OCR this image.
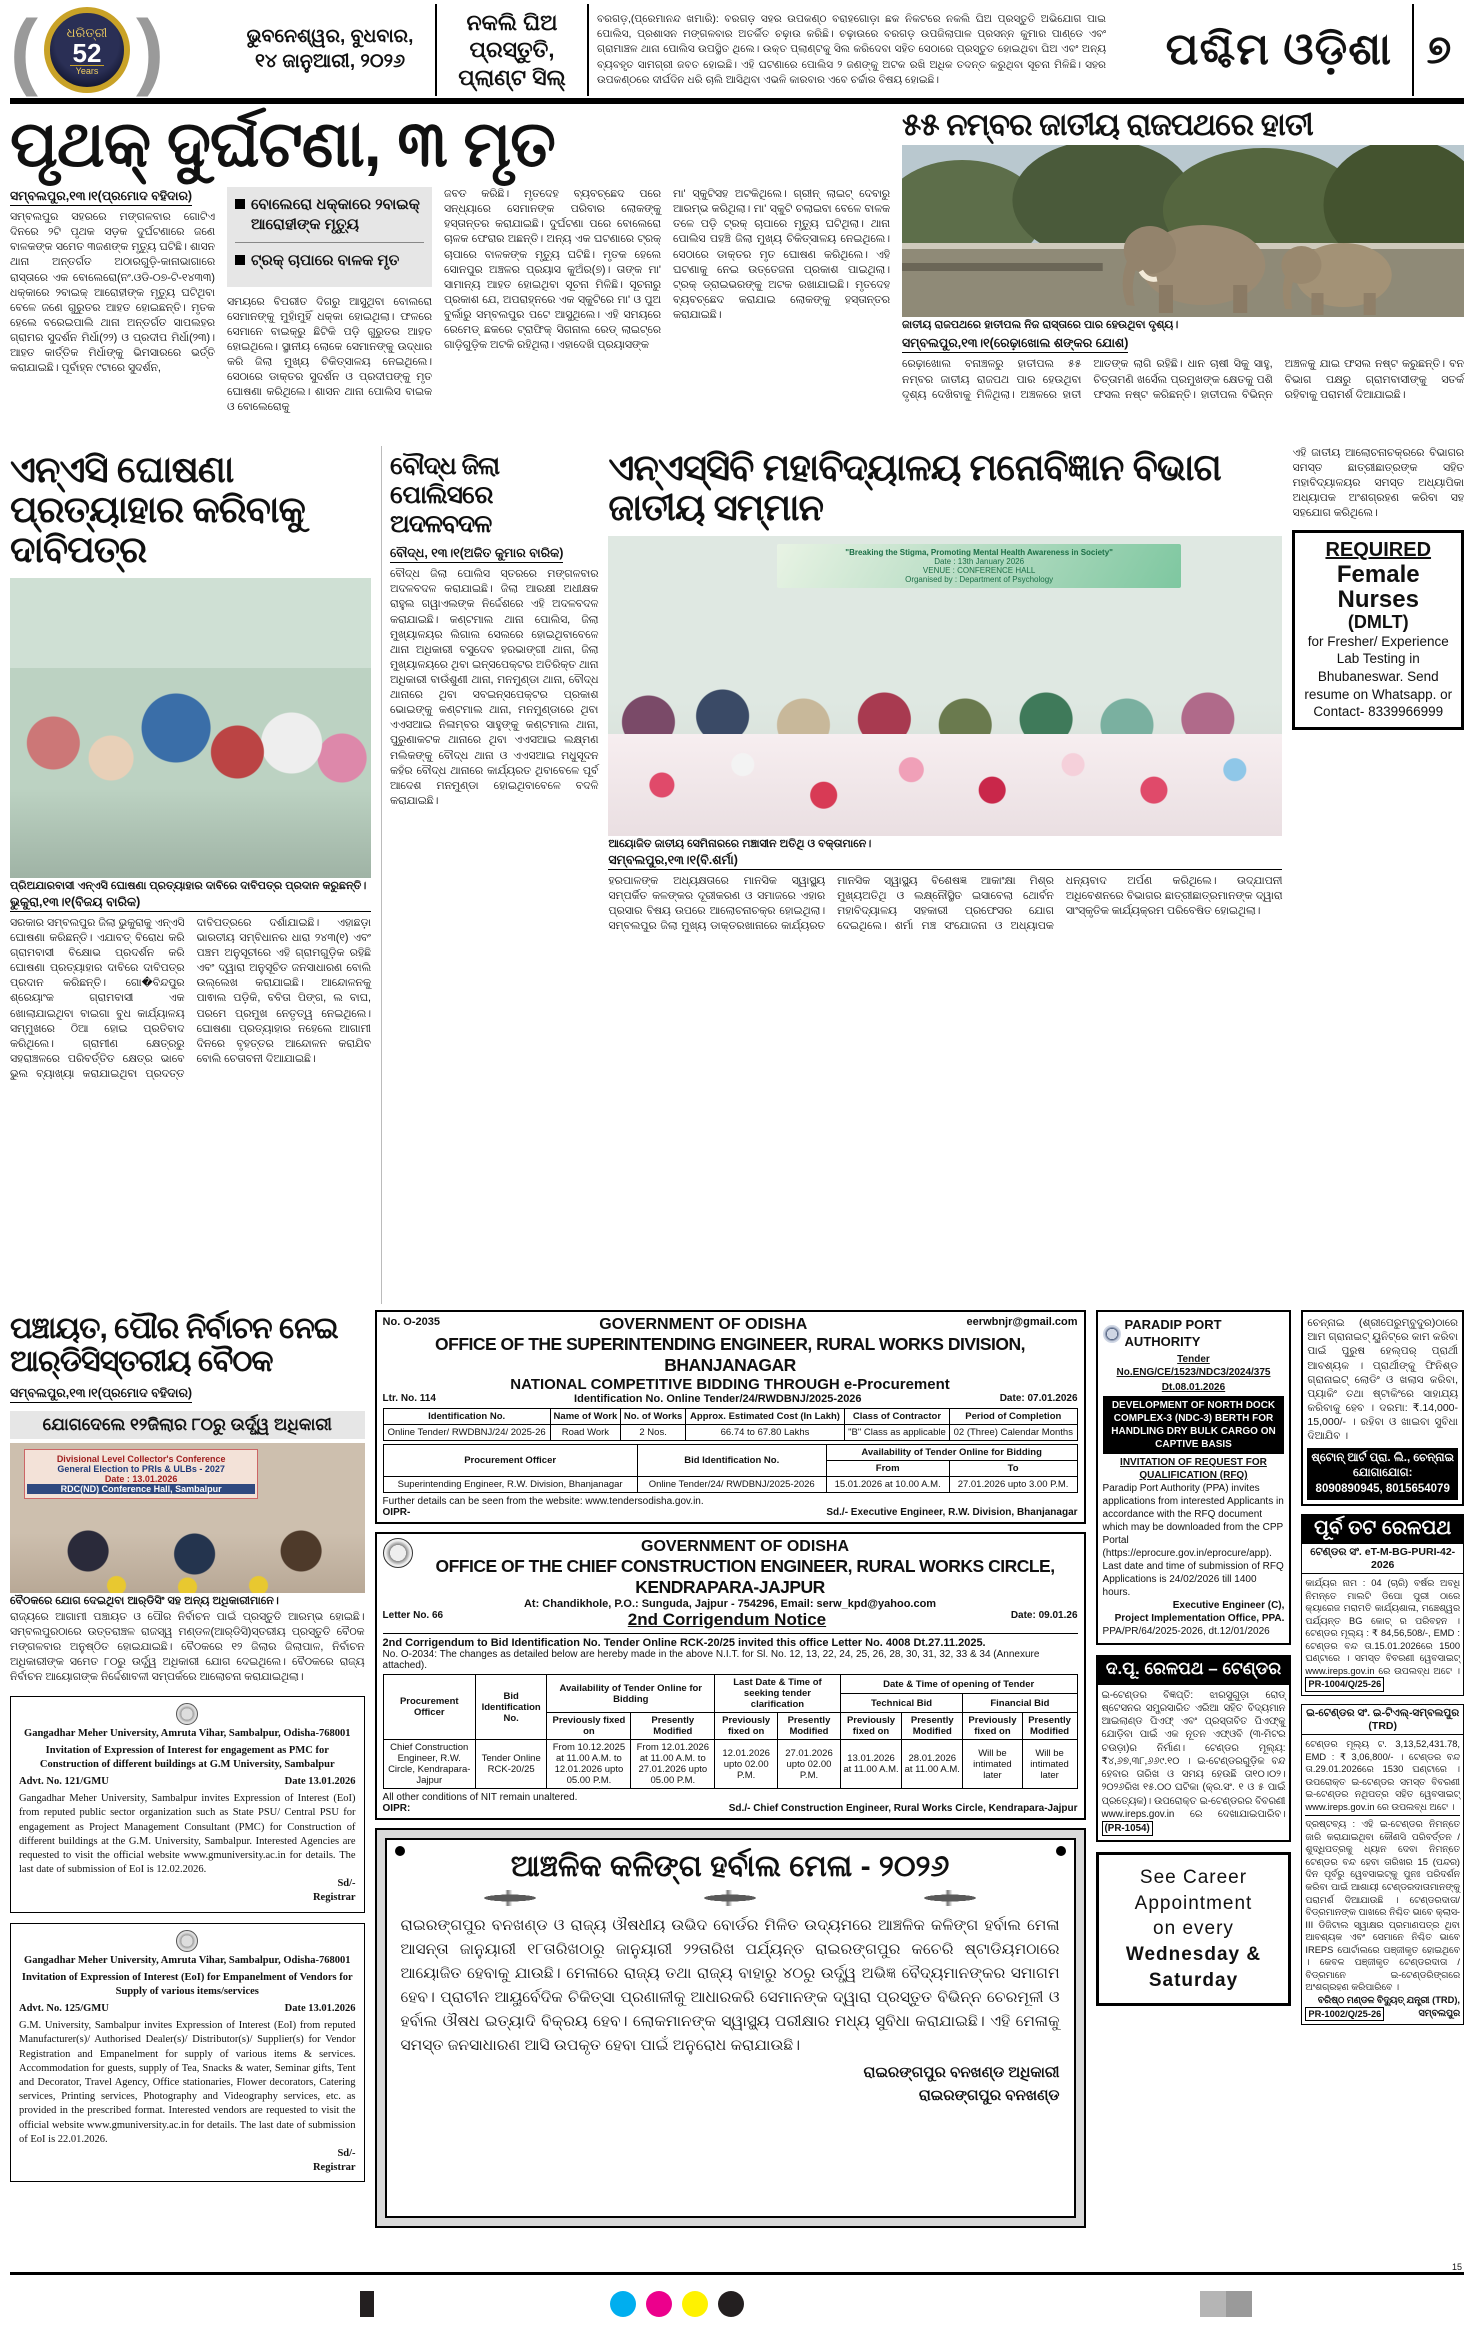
( ଧରିତ୍ରୀ
52
Years )	ଭୁବନେଶ୍ୱର, ବୁଧବାର, ୧୪ ଜାନୁଆରୀ, ୨୦୨୬
ନକଲି ଘିଅ ପ୍ରସ୍ତୁତି, ପ୍ଲାଣ୍ଟ ସିଲ୍
ବରଗଡ଼,(ପ୍ରେମାନନ୍ଦ ଖମାରି): ବରଗଡ଼ ସହର ଉପକଣ୍ଠ ବରାହଗୋଡ଼ା ଛକ ନିକଟରେ ନକଲି ଘିଅ ପ୍ରସ୍ତୁତି ଅଭିଯୋଗ ପାଇ ପୋଲିସ, ପ୍ରଶାସନ ମଙ୍ଗଳବାର ଅତର୍କିତ ଚଢ଼ାଉ କରିଛି। ଚଢ଼ାଉରେ ବରଗଡ଼ ଉପଜିଲାପାଳ ପ୍ରସନ୍ନ କୁମାର ପାଣ୍ଡେ ଏବଂ ଗ୍ରାମାଞ୍ଚଳ ଥାନା ପୋଲିସ ଉପସ୍ଥିତ ଥିଲେ। ଉକ୍ତ ପ୍ଲାଣ୍ଟକୁ ସିଲ କରିଦେବା ସହିତ ସେଠାରେ ପ୍ରସ୍ତୁତ ହୋଇଥିବା ଘିଅ ଏବଂ ଅନ୍ୟ ବ୍ୟବହୃତ ସାମଗ୍ରୀ ଜବତ ହୋଇଛି। ଏହି ଘଟଣାରେ ପୋଲିସ ୨ ଜଣଙ୍କୁ ଅଟକ ରଖି ଅଧିକ ତଦନ୍ତ କରୁଥିବା ସୂଚନା ମିଳିଛି। ସହର ଉପକଣ୍ଠରେ ଦୀର୍ଘଦିନ ଧରି ଚାଲି ଆସିଥିବା ଏଭଳି କାରବାର ଏବେ ଚର୍ଚ୍ଚାର ବିଷୟ ହୋଇଛି।
ପଶ୍ଚିମ ଓଡ଼ିଶା ୭
ପୃଥକ୍ ଦୁର୍ଘଟଣା, ୩ ମୃତ
ସମ୍ବଲପୁର,୧୩।୧(ପ୍ରମୋଦ ବହିଦାର)
ସମ୍ବଲପୁର ସହରରେ ମଙ୍ଗଳବାର ଗୋଟିଏ ଦିନରେ ୨ଟି ପୃଥକ ସଡ଼କ ଦୁର୍ଘଟଣାରେ ଜଣେ ବାଳକଙ୍କ ସମେତ ୩ଜଣଙ୍କ ମୃତ୍ୟୁ ଘଟିଛି। ଶାସନ ଥାନା ଅନ୍ତର୍ଗତ ଅଠାରଗୁଡ଼ି-କାନାଭାଗାରେ ରାସ୍ତାରେ ଏକ ବୋଲେରୋ(ନଂ.ଓଡି-୦୭-ଟି-୧୪୩୩) ଧକ୍କାରେ ୨ବାଇକ୍ ଆରୋହୀଙ୍କ ମୃତ୍ୟୁ ଘଟିଥିବା ବେଳେ ଜଣେ ଗୁରୁତର ଆହତ ହୋଇଛନ୍ତି। ମୃତକ ହେଲେ ବରେଇପାଲି ଥାନା ଅନ୍ତର୍ଗତ ସାପଲହର ଗ୍ରାମର ସୁଦର୍ଶନ ମିର୍ଧା(୨୨) ଓ ପ୍ରଦୀପ ମିର୍ଧା(୨୩)। ଆହତ କାର୍ତ୍ତିକ ମିର୍ଧାଙ୍କୁ ଭିମସାରରେ ଭର୍ତ୍ତି କରାଯାଇଛି। ପୂର୍ବାହ୍ନ ୯ଟାରେ ସୁଦର୍ଶନ,
ବୋଲେରୋ ଧକ୍କାରେ ୨ବାଇକ୍ ଆରୋହୀଙ୍କ ମୃତ୍ୟୁ
ଟ୍ରକ୍ ଚାପାରେ ବାଳକ ମୃତ
ସମୟରେ ବିପରୀତ ଦିଗରୁ ଆସୁଥିବା ବୋଲରୋ ସେମାନଙ୍କୁ ମୁହାଁମୁହିଁ ଧକ୍କା ହୋଇଥିଲା। ଫଳରେ ସେମାନେ ବାଇକ୍‌ରୁ ଛିଟିକି ପଡ଼ି ଗୁରୁତର ଆହତ ହୋଇଥିଲେ। ସ୍ଥାନୀୟ ଲୋକେ ସେମାନଙ୍କୁ ଉଦ୍ଧାର କରି ଜିଲା ମୁଖ୍ୟ ଚିକିତ୍ସାଳୟ ନେଇଥିଲେ। ସେଠାରେ ଡାକ୍ତର ସୁଦର୍ଶନ ଓ ପ୍ରଦୀପଙ୍କୁ ମୃତ ଘୋଷଣା କରିଥିଲେ। ଶାସନ ଥାନା ପୋଲିସ ବାଇକ ଓ ବୋଲେରୋକୁ
ଜବତ କରିଛି। ମୃତଦେହ ବ୍ୟବଚ୍ଛେଦ ପରେ ସନ୍ଧ୍ୟାରେ ସେମାନଙ୍କ ପରିବାର ଲୋକଙ୍କୁ ହସ୍ତାନ୍ତର କରାଯାଇଛି। ଦୁର୍ଘଟଣା ପରେ ବୋଲେରୋ ଚାଳକ ଫେରାର ଅଛନ୍ତି। ଅନ୍ୟ ଏକ ଘଟଣାରେ ଟ୍ରକ୍ ଚାପାରେ ବାଳକଙ୍କ ମୃତ୍ୟୁ ଘଟିଛି। ମୃତକ ହେଲେ ସୋନପୁର ଅଞ୍ଚଳର ପ୍ରୟାସ କୁଅଁର(୭)। ତାଙ୍କ ମା' ସାମାନ୍ୟ ଆହତ ହୋଇଥିବା ସୂଚନା ମିଳିଛି। ସୂଚନାରୁ ପ୍ରକାଶ ଯେ, ଅପରାହ୍ନରେ ଏକ ସ୍କୁଟିରେ ମା' ଓ ପୁଅ ବୁର୍ଲାରୁ ସମ୍ବଲପୁର ପଟେ ଆସୁଥିଲେ। ଏହି ସମୟରେ ରେମେଡ୍ ଛକରେ ଟ୍ରାଫିକ୍ ସିଗନାଲ ରେଡ୍ ଲାଇଟ୍‌ରେ ଗାଡ଼ିଗୁଡ଼ିକ ଅଟକି ରହିଥିଲା। ଏହାଦେଖି ପ୍ରୟାସଙ୍କ
ମା' ସ୍କୁଟିସହ ଅଟକିଥିଲେ। ଗ୍ରୀନ୍ ଲାଇଟ୍ ଦେବାରୁ ଆରମ୍ଭ କରିଥିଲା। ମା' ସ୍କୁଟି ଚଲାଇବା ବେଳେ ବାଳକ ତଳେ ପଡ଼ି ଟ୍ରକ୍ ଚାପାରେ ମୃତ୍ୟୁ ଘଟିଥିଲା। ଥାନା ପୋଲିସ ପହଞ୍ଚି ଜିଲା ମୁଖ୍ୟ ଚିକିତ୍ସାଳୟ ନେଇଥିଲେ। ସେଠାରେ ଡାକ୍ତର ମୃତ ଘୋଷଣ କରିଥିଲେ। ଏହି ଘଟଣାକୁ ନେଇ ଉତ୍ତେଜନା ପ୍ରକାଶ ପାଇଥିଲା। ଟ୍ରକ୍ ଡ୍ରାଇଭରଙ୍କୁ ଅଟକ ରଖାଯାଇଛି। ମୃତଦେହ ବ୍ୟବଚ୍ଛେଦ କରାଯାଇ ଲୋକଙ୍କୁ ହସ୍ତାନ୍ତର କରାଯାଇଛି।
୫୫ ନମ୍ବର ଜାତୀୟ ରାଜପଥରେ ହାତୀ
ଜାତୀୟ ରାଜପଥରେ ହାତୀପଲ ନିଜ ରାସ୍ତାରେ ପାର ହେଉଥିବା ଦୃଶ୍ୟ।
ସମ୍ବଲପୁର,୧୩।୧(ରେଢ଼ାଖୋଲ ଶଙ୍କର ଯୋଶ)
ରେଢ଼ାଖୋଲ ବନାଞ୍ଚଳରୁ ହାତୀପଲ ୫୫ ନମ୍ବର ଜାତୀୟ ରାଜପଥ ପାର ହେଉଥିବା ଦୃଶ୍ୟ ଦେଖିବାକୁ ମିଳିଥିଲା। ଅଞ୍ଚଳରେ ହାତୀ ଆତଙ୍କ ଲାଗି ରହିଛି। ଧାନ ଚାଷୀ ସିକୁ ସାହୁ, ଚିତ୍ତାମଣି ଖର୍ସେଲ ପ୍ରମୁଖଙ୍କ କ୍ଷେତକୁ ପଶି ଫସଲ ନଷ୍ଟ କରିଛନ୍ତି। ହାତୀପଲ ବିଭିନ୍ନ ଅଞ୍ଚଳକୁ ଯାଇ ଫସଲ ନଷ୍ଟ କରୁଛନ୍ତି। ବନ ବିଭାଗ ପକ୍ଷରୁ ଗ୍ରାମବାସୀଙ୍କୁ ସତର୍କ ରହିବାକୁ ପରାମର୍ଶ ଦିଆଯାଇଛି।
ଏନ୍‌ଏସି ଘୋଷଣା ପ୍ରତ୍ୟାହାର କରିବାକୁ ଦାବିପତ୍ର
ପ୍ରିଅଯାରବାସୀ ଏନ୍‌ଏସି ଘୋଷଣା ପ୍ରତ୍ୟାହାର ଦାବିରେ ଦାବିପତ୍ର ପ୍ରଦାନ କରୁଛନ୍ତି।
ଭୁକୁରା,୧୩।୧(ବିଜୟ ବାରିକ)
ସରକାର ସମ୍ବଲପୁର ଜିଲା ଭୁକୁରାକୁ ଏନ୍‌ଏସି ଘୋଷଣା କରିଛନ୍ତି। ଏଯାବତ୍ ବିରୋଧ କରି ଗ୍ରାମବାସୀ ବିକ୍ଷୋଭ ପ୍ରଦର୍ଶନ କରି ଘୋଷଣା ପ୍ରତ୍ୟାହାର ଦାବିରେ ଦାବିପତ୍ର ପ୍ରଦାନ କରିଛନ୍ତି। ଗୋ�ବିନ୍ଦପୁର ଶ୍ରେୟାଂକ ଗ୍ରାମବାସୀ ଏକ ଖୋଲାଯାଇଥିବା ବାଇଗା ବୁଧ କାର୍ଯ୍ୟାଳୟ ସମ୍ମୁଖରେ ଠିଆ ହୋଇ ପ୍ରତିବାଦ କରିଥିଲେ। ଗ୍ରାମୀଣ କ୍ଷେତ୍ରରୁ ସହରାଞ୍ଚଳରେ ପରିବର୍ତ୍ତିତ କ୍ଷେତ୍ର ଭାବେ ଭୁଲ ବ୍ୟାଖ୍ୟା କରାଯାଇଥିବା ପ୍ରଦତ୍ତ ଦାବିପତ୍ରରେ ଦର୍ଶାଯାଇଛି। ଏହାଛଡ଼ା ଭାରତୀୟ ସମ୍ବିଧାନର ଧାରା ୨୪୩(୧) ଏବଂ ପଞ୍ଚମ ଅନୁସୂଚୀରେ ଏହି ଗ୍ରାମଗୁଡ଼ିକ ରହିଛି ଏବଂ ଦ୍ୱାରା ଅନୁସୂଚିତ ଜନସାଧାରଣ ବୋଲି ଉଲ୍ଲେଖ କରାଯାଇଛି। ଆନ୍ଦୋଳନକୁ ପାଵାଲ ପଡ଼ିକି, ବବିତା ପିଙ୍ଗ, ଲ ବାଘ, ପରମେ ପ୍ରମୁଖ ନେତୃତ୍ୱ ନେଇଥିଲେ। ଘୋଷଣା ପ୍ରତ୍ୟାହାର ନହେଲେ ଆଗାମୀ ଦିନରେ ବୃହତ୍ତର ଆନ୍ଦୋଳନ କରାଯିବ ବୋଲି ଚେତାବନୀ ଦିଆଯାଇଛି।
ବୌଦ୍ଧ ଜିଲା ପୋଲିସରେ ଅଦଳବଦଳ
ବୌଦ୍ଧ, ୧୩।୧(ଅଜିତ କୁମାର ବାରିକ)
ବୌଦ୍ଧ ଜିଲା ପୋଲିସ ସ୍ତରରେ ମଙ୍ଗଳବାର ଅଦଳବଦଳ କରାଯାଇଛି। ଜିଲା ଆରକ୍ଷୀ ଅଧୀକ୍ଷକ ରାହୁଲ ଗୱାଏଲଙ୍କ ନିର୍ଦ୍ଦେଶରେ ଏହି ଅଦଳବଦଳ କରାଯାଇଛି। କଣ୍ଟମାଲ ଥାନା ପୋଲିସ, ଜିଲା ମୁଖ୍ୟାଳୟର ଲିଗାଲ ସେଲରେ ହୋଇଥିବାବେଳେ ଥାନା ଅଧିକାରୀ ବସୁଦେବ ହରଭାଙ୍ଗୀ ଥାନା, ଜିଲା ମୁଖ୍ୟାଳୟରେ ଥିବା ଇନ୍ସପେକ୍ଟର ଅତିରିକ୍ତ ଥାନା ଅଧିକାରୀ ବାଉଁଶୁଣୀ ଥାନା, ମନମୁଣ୍ଡା ଥାନା, ବୌଦ୍ଧ ଥାନାରେ ଥିବା ସବଇନ୍ସପେକ୍ଟର ପ୍ରକାଶ ଭୋଇଙ୍କୁ କଣ୍ଟମାଲ ଥାନା, ମନମୁଣ୍ଡାରେ ଥିବା ଏଏସଆଇ ନିଳାମ୍ବର ସାହୁଙ୍କୁ କଣ୍ଟମାଲ ଥାନା, ପୁରୁଣାକଟକ ଥାନାରେ ଥିବା ଏଏସଆଇ ଲକ୍ଷ୍ମଣ ମଲିକଙ୍କୁ ବୌଦ୍ଧ ଥାନା ଓ ଏଏସଆଇ ମଧୁସୂଦନ କହଁର ବୌଦ୍ଧ ଥାନାରେ କାର୍ଯ୍ୟରତ ଥିବାବେଳେ ପୂର୍ବ ଆଦେଶ ମନମୁଣ୍ଡା ହୋଇଥିବାବେଳେ ବଦଳି କରାଯାଇଛି।
ଏନ୍‌ଏସ୍‌ସିବି ମହାବିଦ୍ୟାଳୟ ମନୋବିଜ୍ଞାନ ବିଭାଗ ଜାତୀୟ ସମ୍ମାନ
"Breaking the Stigma, Promoting Mental Health Awareness in Society"
Date : 13th January 2026
VENUE : CONFERENCE HALL
Organised by : Department of Psychology
ଆୟୋଜିତ ଜାତୀୟ ସେମିନାରରେ ମଞ୍ଚାସୀନ ଅତିଥି ଓ ବକ୍ତାମାନେ।
ସମ୍ବଲପୁର,୧୩।୧(ବି.ଶର୍ମା)
ହରପାଳଙ୍କ ଅଧ୍ୟକ୍ଷତାରେ ମାନସିକ ସ୍ୱାସ୍ଥ୍ୟ ସମ୍ପର୍କିତ କଳଙ୍କର ଦୂରୀକରଣ ଓ ସମାଜରେ ଏହାର ପ୍ରସାର ବିଷୟ ଉପରେ ଆଲୋଚନାଚକ୍ର ହୋଇଥିଲା। ସମ୍ବଲପୁର ଜିଲା ମୁଖ୍ୟ ଡାକ୍ତରଖାନାରେ କାର୍ଯ୍ୟରତ ମାନସିକ ସ୍ୱାସ୍ଥ୍ୟ ବିଶେଷଜ୍ଞ ଆକାଂକ୍ଷା ମିଶ୍ର ମୁଖ୍ୟଅତିଥି ଓ ଲକ୍ଷ୍ନୌସ୍ଥିତ ଇସାବେଲା ଥୋର୍ବନ ମହାବିଦ୍ୟାଳୟ ସହକାରୀ ପ୍ରଫେସର ଯୋଗ ଦେଇଥିଲେ। ଶର୍ମା ମଞ୍ଚ ସଂଯୋଜନା ଓ ଅଧ୍ୟାପକ ଧନ୍ୟବାଦ ଅର୍ପଣ କରିଥିଲେ। ଉଦ୍‌ଯାପନୀ ଅଧିବେଶନରେ ବିଭାଗର ଛାତ୍ରୀଛାତ୍ରମାନଙ୍କ ଦ୍ୱାରା ସାଂସ୍କୃତିକ କାର୍ଯ୍ୟକ୍ରମ ପରିବେଷିତ ହୋଇଥିଲା।
ଏହି ଜାତୀୟ ଆଲୋଚନାଚକ୍ରରେ ବିଭାଗର ସମସ୍ତ ଛାତ୍ରୀଛାତ୍ରଙ୍କ ସହିତ ମହାବିଦ୍ୟାଳୟର ସମସ୍ତ ଅଧ୍ୟାପିକା ଅଧ୍ୟାପକ ଅଂଶଗ୍ରହଣ କରିବା ସହ ସହଯୋଗ କରିଥିଲେ।
REQUIRED
Female Nurses
(DMLT)
for Fresher/ Experience Lab Testing in Bhubaneswar. Send resume on Whatsapp. or Contact- 8339966999
ପଞ୍ଚାୟତ, ପୌର ନିର୍ବାଚନ ନେଇ ଆର୍‌ଡିସିସ୍ତରୀୟ ବୈଠକ
ସମ୍ବଲପୁର,୧୩।୧(ପ୍ରମୋଦ ବହିଦାର)
ଯୋଗଦେଲେ ୧୨ଜିଲାର ୮୦ରୁ ଉର୍ଦ୍ଧ୍ୱ ଅଧିକାରୀ
Divisional Level Collector's Conference
General Election to PRIs & ULBs - 2027
Date : 13.01.2026
RDC(ND) Conference Hall, Sambalpur
ବୈଠକରେ ଯୋଗ ଦେଇଥିବା ଆର୍‌ଡିସିଂ ସହ ଅନ୍ୟ ଅଧିକାରୀମାନେ।
ରାଜ୍ୟରେ ଆଗାମୀ ପଞ୍ଚାୟତ ଓ ପୌର ନିର୍ବାଚନ ପାଇଁ ପ୍ରସ୍ତୁତି ଆରମ୍ଭ ହୋଇଛି। ସମ୍ବଲପୁରଠାରେ ଉତ୍ତରାଞ୍ଚଳ ରାଜସ୍ୱ ମଣ୍ଡଳ(ଆର୍‌ଡିସି)ସ୍ତରୀୟ ପ୍ରସ୍ତୁତି ବୈଠକ ମଙ୍ଗଳବାର ଅନୁଷ୍ଠିତ ହୋଇଯାଇଛି। ବୈଠକରେ ୧୨ ଜିଲାର ଜିଲାପାଳ, ନିର୍ବାଚନ ଅଧିକାରୀଙ୍କ ସମେତ ୮୦ରୁ ଉର୍ଦ୍ଧ୍ୱ ଅଧିକାରୀ ଯୋଗ ଦେଇଥିଲେ। ବୈଠକରେ ରାଜ୍ୟ ନିର୍ବାଚନ ଆୟୋଗଙ୍କ ନିର୍ଦ୍ଦେଶାବଳୀ ସମ୍ପର୍କରେ ଆଲୋଚନା କରାଯାଇଥିଲା।
Gangadhar Meher University, Amruta Vihar, Sambalpur, Odisha-768001
Invitation of Expression of Interest for engagement as PMC for Construction of different buildings at G.M University, Sambalpur
Advt. No. 121/GMU	Date 13.01.2026
Gangadhar Meher University, Sambalpur invites Expression of Interest (EoI) from reputed public sector organization such as State PSU/ Central PSU for engagement as Project Management Consultant (PMC) for Construction of different buildings at the G.M. University, Sambalpur. Interested Agencies are requested to visit the official website www.gmuniversity.ac.in for details. The last date of submission of EoI is 12.02.2026.
Sd/-
Registrar
Gangadhar Meher University, Amruta Vihar, Sambalpur, Odisha-768001
Invitation of Expression of Interest (EoI) for Empanelment of Vendors for Supply of various items/services
Advt. No. 125/GMU	Date 13.01.2026
G.M. University, Sambalpur invites Expression of Interest (EoI) from reputed Manufacturer(s)/ Authorised Dealer(s)/ Distributor(s)/ Supplier(s) for Vendor Registration and Empanelment for supply of various items & services. Accommodation for guests, supply of Tea, Snacks & water, Seminar gifts, Tent and Decorator, Travel Agency, Office stationaries, Flower decorators, Catering services, Printing services, Photography and Videography services, etc. as provided in the prescribed format. Interested vendors are requested to visit the official website www.gmuniversity.ac.in for details. The last date of submission of EoI is 22.01.2026.
Sd/-
Registrar
No. O-2035	GOVERNMENT OF ODISHA	eerwbnjr@gmail.com
OFFICE OF THE SUPERINTENDING ENGINEER, RURAL WORKS DIVISION, BHANJANAGAR
NATIONAL COMPETITIVE BIDDING THROUGH e-Procurement
Ltr. No. 114	Identification No. Online Tender/24/RWDBNJ/2025-2026	Date: 07.01.2026
Identification No.	Name of Work	No. of Works	Approx. Estimated Cost (In Lakh)	Class of Contractor	Period of Completion
Online Tender/ RWDBNJ/24/ 2025-26	Road Work	2 Nos.	66.74 to 67.80 Lakhs	"B" Class as applicable	02 (Three) Calendar Months
Procurement Officer	Bid Identification No.	Availability of Tender Online for Bidding	
		From	To
Superintending Engineer, R.W. Division, Bhanjanagar	Online Tender/24/ RWDBNJ/2025-2026	15.01.2026 at 10.00 A.M.	27.01.2026 upto 3.00 P.M.
Further details can be seen from the website: www.tendersodisha.gov.in.
OIPR-	Sd./- Executive Engineer, R.W. Division, Bhanjanagar
GOVERNMENT OF ODISHA
OFFICE OF THE CHIEF CONSTRUCTION ENGINEER, RURAL WORKS CIRCLE, KENDRAPARA-JAJPUR
At: Chandikhole, P.O.: Sunguda, Jajpur - 754296, Email: serw_kpd@yahoo.com
Letter No. 66	2nd Corrigendum Notice	Date: 09.01.26
2nd Corrigendum to Bid Identification No. Tender Online RCK-20/25 invited this office Letter No. 4008 Dt.27.11.2025.
No. O-2034: The changes as detailed below are hereby made in the above N.I.T. for Sl. No. 12, 13, 22, 24, 25, 26, 28, 30, 31, 32, 33 & 34 (Annexure attached).
Procurement Officer	Bid Identification No.	Availability of Tender Online for Bidding		Last Date & Time of seeking tender clarification		Date & Time of opening of Tender			
						Technical Bid		Financial Bid	
		Previously fixed on	Presently Modified	Previously fixed on	Presently Modified	Previously fixed on	Presently Modified	Previously fixed on	Presently Modified
Chief Construction Engineer, R.W. Circle, Kendrapara-Jajpur	Tender Online RCK-20/25	From 10.12.2025 at 11.00 A.M. to 12.01.2026 upto 05.00 P.M.	From 12.01.2026 at 11.00 A.M. to 27.01.2026 upto 05.00 P.M.	12.01.2026 upto 02.00 P.M.	27.01.2026 upto 02.00 P.M.	13.01.2026 at 11.00 A.M.	28.01.2026 at 11.00 A.M.	Will be intimated later	Will be intimated later
All other conditions of NIT remain unaltered.
OIPR:	Sd./- Chief Construction Engineer, Rural Works Circle, Kendrapara-Jajpur
ଆଞ୍ଚଳିକ କଳିଙ୍ଗ ହର୍ବାଲ ମେଳା - ୨୦୨୬
ରାଇରଙ୍ଗପୁର ବନଖଣ୍ଡ ଓ ରାଜ୍ୟ ଔଷଧୀୟ ଉଭିଦ ବୋର୍ଡର ମିଳିତ ଉଦ୍ୟମରେ ଆଞ୍ଚଳିକ କଳିଙ୍ଗ ହର୍ବାଲ ମେଳା ଆସନ୍ତା ଜାନୁୟାରୀ ୧୮ତାରିଖଠାରୁ ଜାନୁୟାରୀ ୨୨ତାରିଖ ପର୍ଯ୍ୟନ୍ତ ରାଇରଙ୍ଗପୁର କଚେରି ଷ୍ଟାଡିୟମଠାରେ ଆୟୋଜିତ ହେବାକୁ ଯାଉଛି। ମେଳାରେ ରାଜ୍ୟ ତଥା ରାଜ୍ୟ ବାହାରୁ ୪୦ରୁ ଉର୍ଦ୍ଧ୍ୱ ଅଭିଜ୍ଞ ବୈଦ୍ୟମାନଙ୍କର ସମାଗମ ହେବ। ପ୍ରାଚୀନ ଆୟୁର୍ବେଦିକ ଚିକିତ୍ସା ପ୍ରଣାଳୀକୁ ଆଧାରକରି ସେମାନଙ୍କ ଦ୍ୱାରା ପ୍ରସ୍ତୁତ ବିଭିନ୍ନ ଚେରମୂଳୀ ଓ ହର୍ବାଲ ଔଷଧ ଇତ୍ୟାଦି ବିକ୍ରୟ ହେବ। ଲୋକମାନଙ୍କ ସ୍ୱାସ୍ଥ୍ୟ ପରୀକ୍ଷାର ମଧ୍ୟ ସୁବିଧା କରାଯାଇଛି। ଏହି ମେଳାକୁ ସମସ୍ତ ଜନସାଧାରଣ ଆସି ଉପକୃତ ହେବା ପାଇଁ ଅନୁରୋଧ କରାଯାଉଛି।
ରାଇରଙ୍ଗପୁର ବନଖଣ୍ଡ ଅଧିକାରୀ
ରାଇରଙ୍ଗପୁର ବନଖଣ୍ଡ
PARADIP PORT AUTHORITY
Tender No.ENG/CE/1523/NDC3/2024/375
Dt.08.01.2026
DEVELOPMENT OF NORTH DOCK COMPLEX-3 (NDC-3) BERTH FOR HANDLING DRY BULK CARGO ON CAPTIVE BASIS
INVITATION OF REQUEST FOR QUALIFICATION (RFQ)
Paradip Port Authority (PPA) invites applications from interested Applicants in accordance with the RFQ document which may be downloaded from the CPP Portal (https://eprocure.gov.in/eprocure/app). Last date and time of submission of RFQ Applications is 24/02/2026 till 1400 hours.
Executive Engineer (C),
Project Implementation Office, PPA.
PPA/PR/64/2025-2026, dt.12/01/2026
ଦ.ପୂ. ରେଳପଥ – ଟେଣ୍ଡର
ଇ-ଟେଣ୍ଡର ବିଜ୍ଞପ୍ତି: ଝାରସୁଗୁଡ଼ା ରୋଡ୍ ଷ୍ଟେସନର ସମ୍ପ୍ରସାରିତ ଏରିଆ ସହିତ ବିଦ୍ୟମାନ ଆଇଲାଣ୍ଡ ପିଏଫ୍ ଏବଂ ପ୍ରସ୍ତାବିତ ପିଏଫ୍‌କୁ ଯୋଡ଼ିବା ପାଇଁ ଏକ ନୂତନ ଏଫ୍‌ଓବି (୩-ମିଟର ଚଉଡ଼ା)ର ନିର୍ମାଣ। ଟେଣ୍ଡର ମୂଲ୍ୟ: ₹୪,୬୭,୩୮,୬୬୯.୧୦ । ଇ-ଟେଣ୍ଡରଗୁଡ଼ିକ ବନ୍ଦ ହେବାର ତାରିଖ ଓ ସମୟ ହେଉଛି ତା୧୦।୦୨।୨୦୨୬ରିଖ ୧୫.୦୦ ଘଟିକା (କ୍ର.ସଂ. ୧ ଓ ୫ ପାଇଁ ପ୍ରତ୍ୟେକ)। ଉପରୋକ୍ତ ଇ-ଟେଣ୍ଡରର ବିବରଣୀ www.ireps.gov.in ରେ ଦେଖାଯାଇପାରିବ। (PR-1054)
See Career
Appointment
on every
Wednesday & Saturday
ଚେନ୍ନାଇ (ଶ୍ରୀପେରୁମ୍ବୁଦୁର)ଠାରେ ଆମ ଗ୍ରାନାଇଟ୍ ୟୁନିଟ୍‌ରେ କାମ କରିବା ପାଇଁ ପୁରୁଷ ହେଲ୍ପର୍ ପ୍ରାର୍ଥୀ ଆବଶ୍ୟକ । ପ୍ରାର୍ଥୀଙ୍କୁ ଫିନିଶ୍ଡ ଗ୍ରାନାଇଟ୍ ଲୋଡିଂ ଓ ଖଲାସ କରିବା, ପ୍ୟାକିଂ ତଥା ଷ୍ଟାକିଂରେ ସାହାଯ୍ୟ କରିବାକୁ ହେବ । ଦରମା: ₹.14,000-15,000/- । ରହିବା ଓ ଖାଇବା ସୁବିଧା ଦିଆଯିବ ।
ଷ୍ଟୋନ୍ ଆର୍ଟ ପ୍ରା. ଲି., ଚେନ୍ନାଇ
ଯୋଗାଯୋଗ:
8090890945, 8015654079
ପୂର୍ବ ତଟ ରେଳପଥ
ଟେଣ୍ଡର ସଂ. eT-M-BG-PURI-42-2026
କାର୍ଯ୍ୟର ନାମ : 04 (ଚାରି) ବର୍ଷର ଅବଧି ନିମନ୍ତେ ମାଲଟି ଡିପୋ ପୁରୀ ଠାରେ କ୍ୟାରେଜ ମରାମତି କାର୍ଯ୍ୟଶାଳା, ମଞ୍ଚେଶ୍ୱର ପର୍ଯ୍ୟନ୍ତ BG କୋଚ୍ ର ପରିବହନ । ଟେଣ୍ଡର ମୂଲ୍ୟ : ₹ 84,56,508/-, EMD : ଟେଣ୍ଡର ବନ୍ଦ ତା.15.01.2026ରେ 1500 ଘଣ୍ଟାରେ । ସମସ୍ତ ବିବରଣୀ ୱେବସାଇଟ୍ www.ireps.gov.in ରେ ଉପଲବ୍ଧ ଅଟେ । PR-1004/Q/25-26
ଇ-ଟେଣ୍ଡର ସଂ. ଇ-ଟିଏଲ୍-ସମ୍ବଲପୁର (TRD)
ଟେଣ୍ଡର ମୂଲ୍ୟ ଟ. 3,13,52,431.78, EMD : ₹ 3,06,800/- । ଟେଣ୍ଡର ବନ୍ଦ ତା.29.01.2026ରେ 1530 ଘଣ୍ଟାରେ । ଉପରୋକ୍ତ ଇ-ଟେଣ୍ଡର ସମସ୍ତ ବିବରଣୀ ଇ-ଟେଣ୍ଡର ନଥିପତ୍ର ସହିତ ୱେବସାଇଟ୍ www.ireps.gov.in ରେ ଉପଲବ୍ଧ ଅଟେ ।
ଦ୍ରଷ୍ଟବ୍ୟ : ଏହି ଇ-ଟେଣ୍ଡର ନିମନ୍ତେ ଜାରି କରାଯାଇଥିବା କୌଣସି ପରିବର୍ତ୍ତନ / ଶୁଦ୍ଧିପତ୍ରକୁ ଧ୍ୟାନ ଦେବା ନିମନ୍ତେ ଟେଣ୍ଡର ବନ୍ଦ ହେବା ତାରିଖର 15 (ପନ୍ଦର) ଦିନ ପୂର୍ବରୁ ୱେବସାଇଟ୍‌କୁ ପୁନଃ ପରିଦର୍ଶନ କରିବା ପାଇଁ ଆଶାୟୀ ଟେଣ୍ଡରଦାତାମାନଙ୍କୁ ପରାମର୍ଶ ଦିଆଯାଉଛି । ଟେଣ୍ଡରଦାତା/ ବିଡ୍ରମାନଙ୍କ ପାଖରେ ନିଶ୍ଚିତ ଭାବେ କ୍ଲାସ-III ଡିଜିଟାଲ ସ୍ୱାକ୍ଷର ପ୍ରମାଣପତ୍ର ଥିବା ଆବଶ୍ୟକ ଏବଂ ସେମାନେ ନିଶ୍ଚିତ ଭାବେ IREPS ପୋର୍ଟାଲରେ ପଞ୍ଜୀକୃତ ହୋଇଥିବେ । କେବଳ ପଞ୍ଜୀକୃତ ଟେଣ୍ଡରଦାତା / ବିଡ୍ରମାନେ ଇ-ଟେଣ୍ଡରିଙ୍ଗରେ ଅଂଶଗ୍ରହଣ କରିପାରିବେ ।
ବରିଷ୍ଠ ମଣ୍ଡଳ ବିଦ୍ୟୁତ୍ ଯନ୍ତ୍ରୀ (TRD),
PR-1002/Q/25-26	ସମ୍ବଲପୁର
15
